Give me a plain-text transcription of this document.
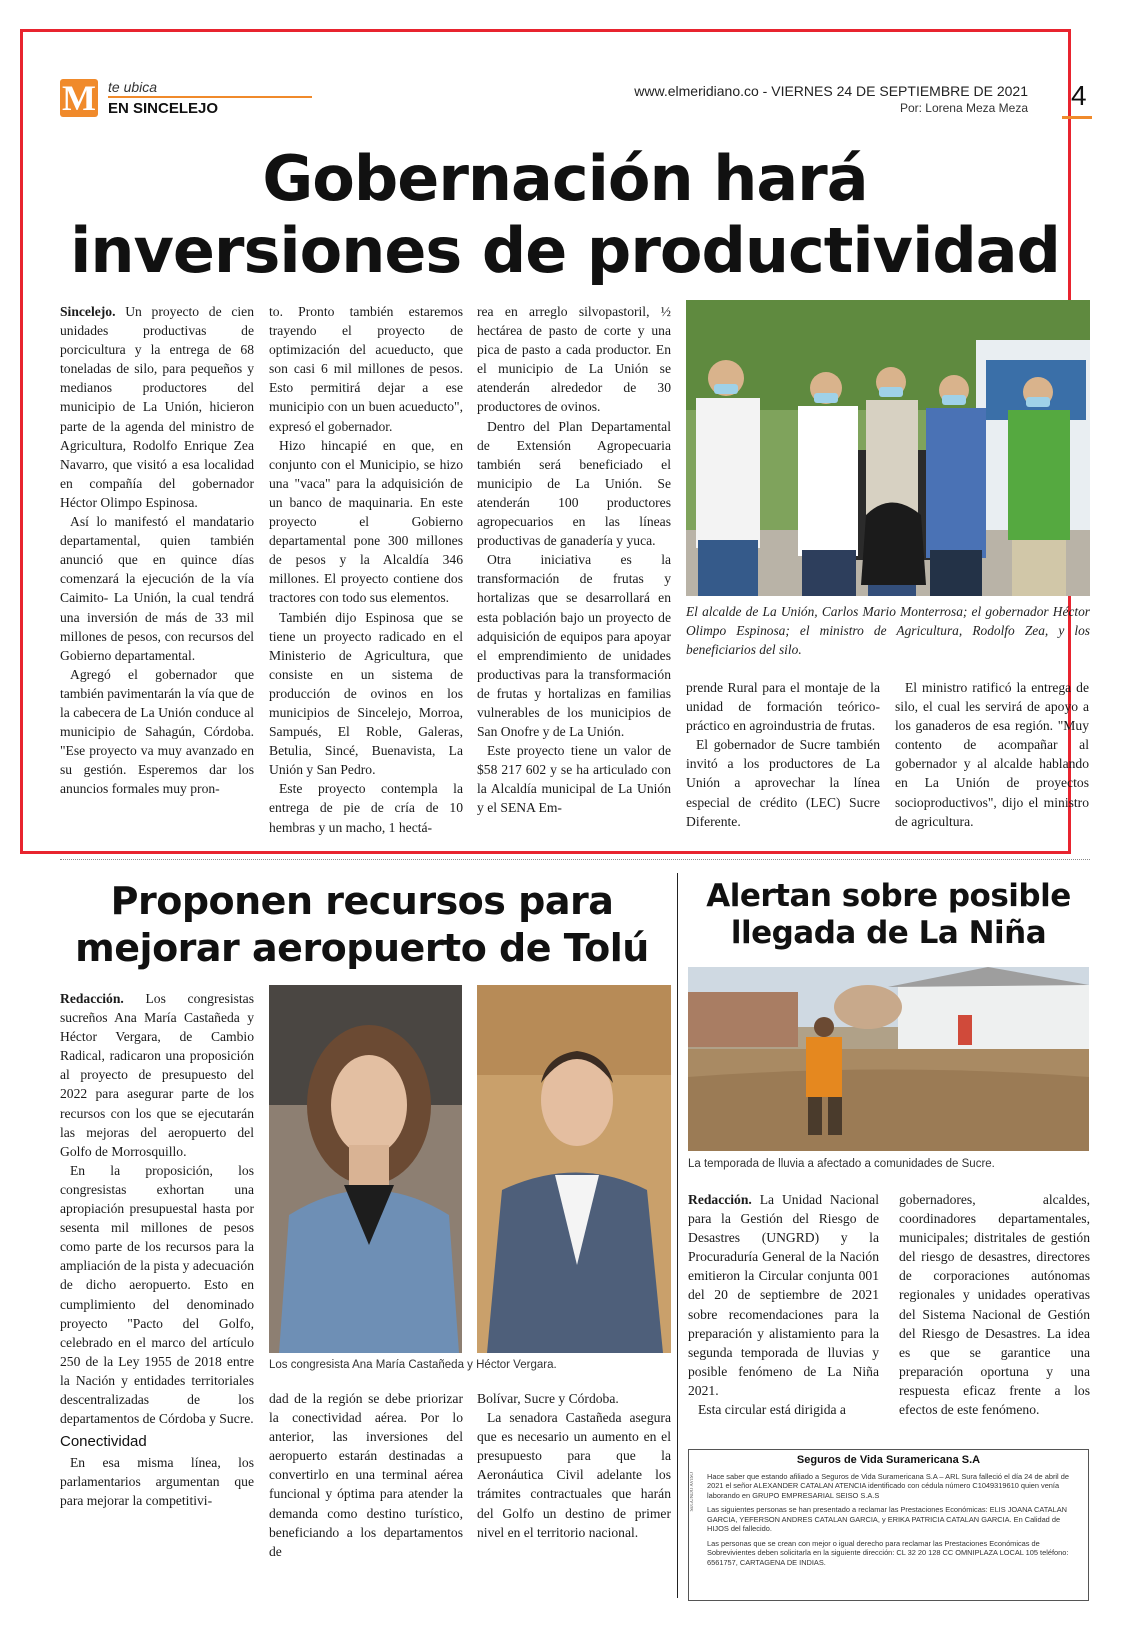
M te ubica
EN SINCELEJO
www.elmeridiano.co - VIERNES 24 DE SEPTIEMBRE DE 2021
Por: Lorena Meza Meza 4
Gobernación hará
inversiones de productividad

Sincelejo. Un proyecto de cien unidades productivas de porcicultura y la entrega de 68 toneladas de silo, para pequeños y medianos productores del municipio de La Unión, hicieron parte de la agenda del ministro de Agricultura, Rodolfo Enrique Zea Navarro, que visitó a esa localidad en compañía del gobernador Héctor Olimpo Espinosa.

Así lo manifestó el mandatario departamental, quien también anunció que en quince días comenzará la ejecución de la vía Caimito- La Unión, la cual tendrá una inversión de más de 33 mil millones de pesos, con recursos del Gobierno departamental.

Agregó el gobernador que también pavimentarán la vía que de la cabecera de La Unión conduce al municipio de Sahagún, Córdoba. "Ese proyecto va muy avanzado en su gestión. Esperemos dar los anuncios formales muy pron-

to. Pronto también estaremos trayendo el proyecto de optimización del acueducto, que son casi 6 mil millones de pesos. Esto permitirá dejar a ese municipio con un buen acueducto", expresó el gobernador.

Hizo hincapié en que, en conjunto con el Municipio, se hizo una "vaca" para la adquisición de un banco de maquinaria. En este proyecto el Gobierno departamental pone 300 millones de pesos y la Alcaldía 346 millones. El proyecto contiene dos tractores con todo sus elementos.

También dijo Espinosa que se tiene un proyecto radicado en el Ministerio de Agricultura, que consiste en un sistema de producción de ovinos en los municipios de Sincelejo, Morroa, Sampués, El Roble, Galeras, Betulia, Sincé, Buenavista, La Unión y San Pedro.

Este proyecto contempla la entrega de pie de cría de 10 hembras y un macho, 1 hectá-

rea en arreglo silvopastoril, ½ hectárea de pasto de corte y una pica de pasto a cada productor. En el municipio de La Unión se atenderán alrededor de 30 productores de ovinos.

Dentro del Plan Departamental de Extensión Agropecuaria también será beneficiado el municipio de La Unión. Se atenderán 100 productores agropecuarios en las líneas productivas de ganadería y yuca.

Otra iniciativa es la transformación de frutas y hortalizas que se desarrollará en esta población bajo un proyecto de adquisición de equipos para apoyar el emprendimiento de unidades productivas para la transformación de frutas y hortalizas en familias vulnerables de los municipios de San Onofre y de La Unión.

Este proyecto tiene un valor de $58 217 602 y se ha articulado con la Alcaldía municipal de La Unión y el SENA Em-

El alcalde de La Unión, Carlos Mario Monterrosa; el gobernador Héctor Olimpo Espinosa; el ministro de Agricultura, Rodolfo Zea, y los beneficiarios del silo.

prende Rural para el montaje de la unidad de formación teórico-práctico en agroindustria de frutas.

El gobernador de Sucre también invitó a los productores de La Unión a aprovechar la línea especial de crédito (LEC) Sucre Diferente.

El ministro ratificó la entrega de silo, el cual les servirá de apoyo a los ganaderos de esa región. "Muy contento de acompañar al gobernador y al alcalde hablando en La Unión de proyectos socioproductivos", dijo el ministro de agricultura.

Proponen recursos para
mejorar aeropuerto de Tolú

Redacción. Los congresistas sucreños Ana María Castañeda y Héctor Vergara, de Cambio Radical, radicaron una proposición al proyecto de presupuesto del 2022 para asegurar parte de los recursos con los que se ejecutarán las mejoras del aeropuerto del Golfo de Morrosquillo.

En la proposición, los congresistas exhortan una apropiación presupuestal hasta por sesenta mil millones de pesos como parte de los recursos para la ampliación de la pista y adecuación de dicho aeropuerto. Esto en cumplimiento del denominado proyecto "Pacto del Golfo, celebrado en el marco del artículo 250 de la Ley 1955 de 2018 entre la Nación y entidades territoriales descentralizadas de los departamentos de Córdoba y Sucre.

Conectividad

En esa misma línea, los parlamentarios argumentan que para mejorar la competitivi-

Los congresista Ana María Castañeda y Héctor Vergara.

dad de la región se debe priorizar la conectividad aérea. Por lo anterior, las inversiones del aeropuerto estarán destinadas a convertirlo en una terminal aérea funcional y óptima para atender la demanda como destino turístico, beneficiando a los departamentos de

Bolívar, Sucre y Córdoba.

La senadora Castañeda asegura que es necesario un aumento en el presupuesto para que la Aeronáutica Civil adelante los trámites contractuales que harán del Golfo un destino de primer nivel en el territorio nacional.

Alertan sobre posible
llegada de La Niña
La temporada de lluvia a afectado a comunidades de Sucre.

Redacción. La Unidad Nacional para la Gestión del Riesgo de Desastres (UNGRD) y la Procuraduría General de la Nación emitieron la Circular conjunta 001 del 20 de septiembre de 2021 sobre recomendaciones para la preparación y alistamiento para la segunda temporada de lluvias y posible fenómeno de La Niña 2021.

Esta circular está dirigida a

gobernadores, alcaldes, coordinadores departamentales, municipales; distritales de gestión del riesgo de desastres, directores de corporaciones autónomas regionales y unidades operativas del Sistema Nacional de Gestión del Riesgo de Desastres. La idea es que se garantice una preparación oportuna y una respuesta eficaz frente a los efectos de este fenómeno.

Seguros de Vida Suramericana S.A

Hace saber que estando afiliado a Seguros de Vida Suramericana S.A – ARL Sura falleció el día 24 de abril de 2021 el señor ALEXANDER CATALAN ATENCIA identificado con cédula número C1049319610 quien venía laborando en GRUPO EMPRESARIAL SEISO S.A.S

Las siguientes personas se han presentado a reclamar las Prestaciones Económicas: ELIS JOANA CATALAN GARCIA, YEFERSON ANDRES CATALAN GARCIA, y ERIKA PATRICIA CATALAN GARCIA. En Calidad de HIJOS del fallecido.

Las personas que se crean con mejor o igual derecho para reclamar las Prestaciones Económicas de Sobrevivientes deben solicitarla en la siguiente dirección: CL 32 20 128 CC OMNIPLAZA LOCAL 105 teléfono: 6561757, CARTAGENA DE INDIAS.

SEGUNDO AVISO
